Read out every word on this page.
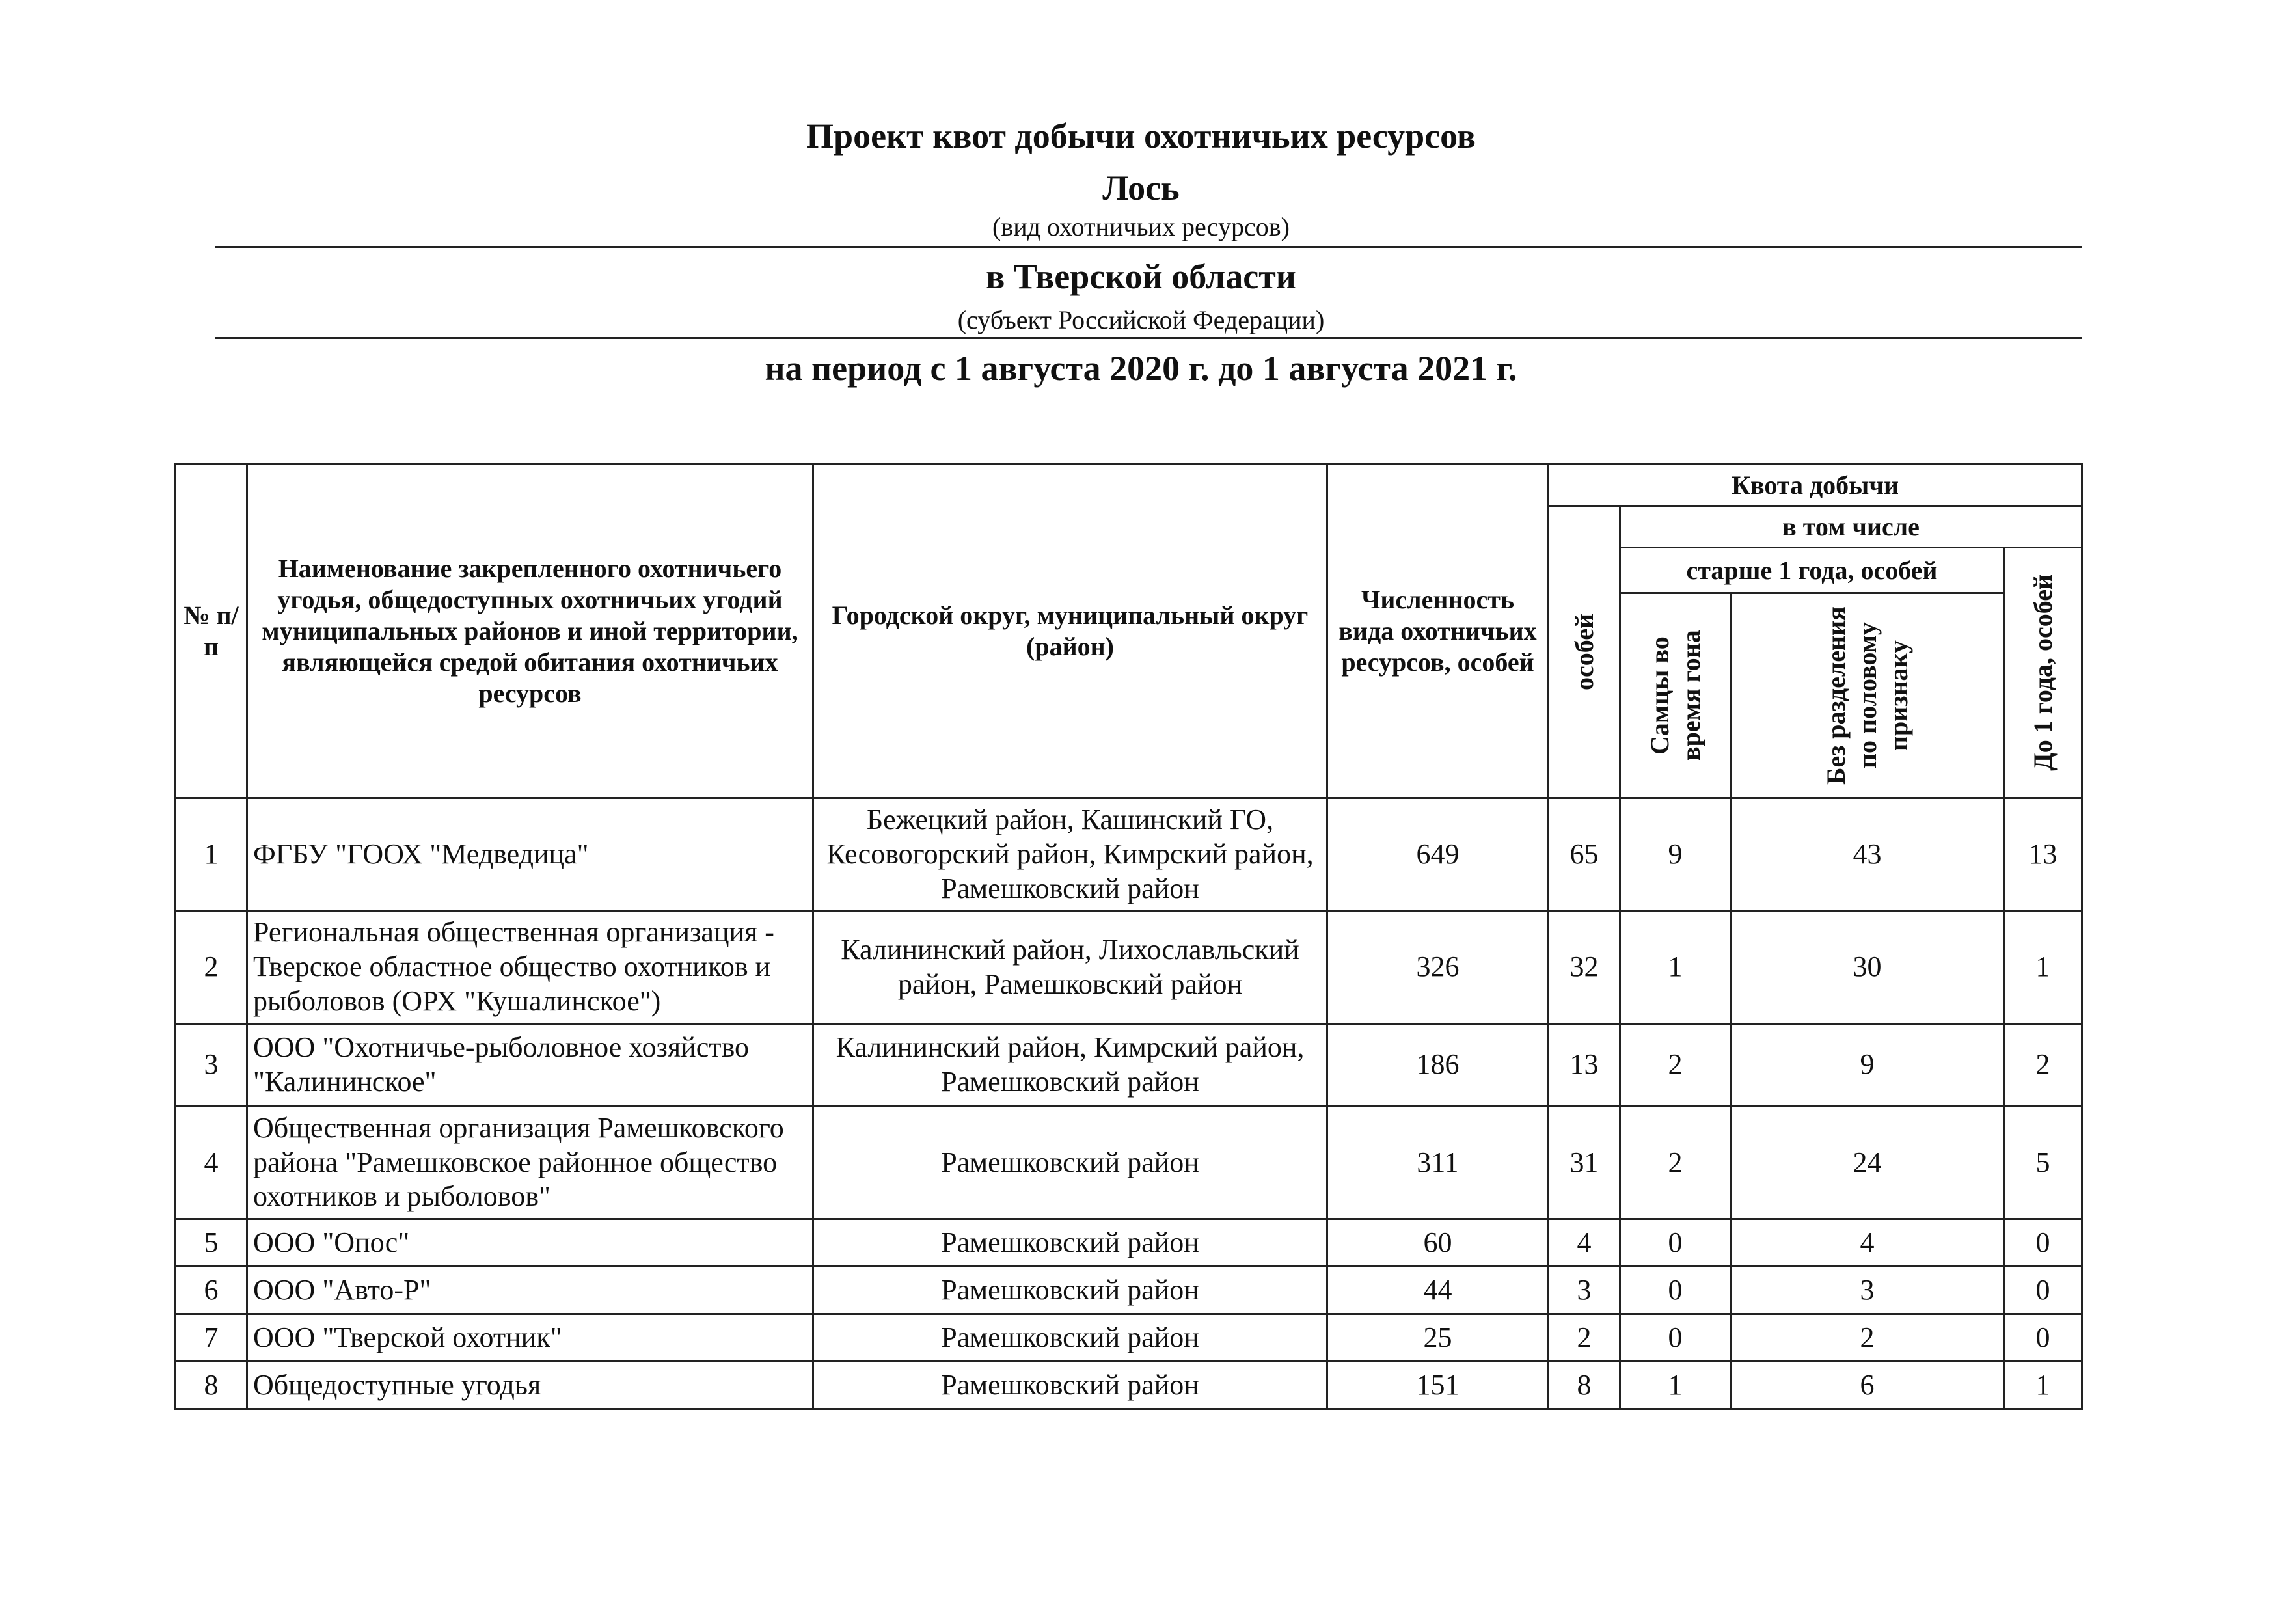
Проект квот добычи охотничьих ресурсов
Лось
(вид охотничьих ресурсов)
в Тверской области
(субъект Российской Федерации)
на период с 1 августа 2020 г. до 1 августа 2021 г.
№ п/п	Наименование закрепленного охотничьего угодья, общедоступных охотничьих угодий муниципальных районов и иной территории, являющейся средой обитания охотничьих ресурсов	Городской округ, муниципальный округ (район)	Численность вида охотничьих ресурсов, особей	Квота добычи			

				особей	в том числе		
					старше 1 года, особей		До 1 года, особей

					Самцы во время гона	Без разделения по половому признаку	

1	ФГБУ "ГООХ "Медведица"	Бежецкий район, Кашинский ГО, Кесовогорский район, Кимрский район, Рамешковский район	649	65	9	43	13
2	Региональная общественная организация - Тверское областное общество охотников и рыболовов (ОРХ "Кушалинское")	Калининский район, Лихославльский район, Рамешковский район	326	32	1	30	1
3	ООО "Охотничье-рыболовное хозяйство "Калининское"	Калининский район, Кимрский район, Рамешковский район	186	13	2	9	2
4	Общественная организация Рамешковского района "Рамешковское районное общество охотников и рыболовов"	Рамешковский район	311	31	2	24	5
5	ООО "Опос"	Рамешковский район	60	4	0	4	0
6	ООО "Авто-Р"	Рамешковский район	44	3	0	3	0
7	ООО "Тверской охотник"	Рамешковский район	25	2	0	2	0
8	Общедоступные угодья	Рамешковский район	151	8	1	6	1
